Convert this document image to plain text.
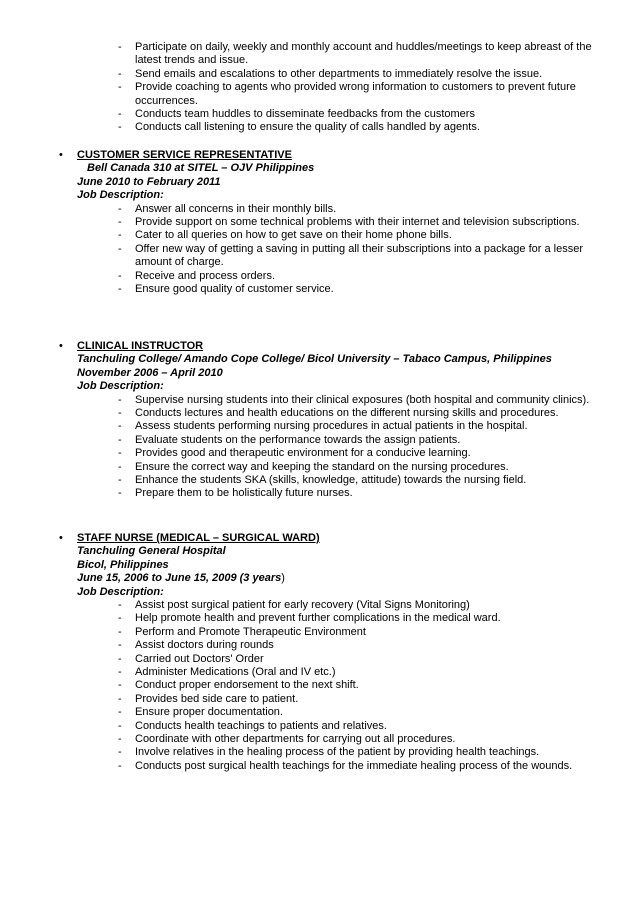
- Participate on daily, weekly and monthly account and huddles/meetings to keep abreast of the latest trends and issue.
- Send emails and escalations to other departments to immediately resolve the issue.
- Provide coaching to agents who provided wrong information to customers to prevent future occurrences.
- Conducts team huddles to disseminate feedbacks from the customers
- Conducts call listening to ensure the quality of calls handled by agents.
• CUSTOMER SERVICE REPRESENTATIVE
Bell Canada 310 at SITEL – OJV Philippines
June 2010 to February 2011
Job Description:
- Answer all concerns in their monthly bills.
- Provide support on some technical problems with their internet and television subscriptions.
- Cater to all queries on how to get save on their home phone bills.
- Offer new way of getting a saving in putting all their subscriptions into a package for a lesser amount of charge.
- Receive and process orders.
- Ensure good quality of customer service.
• CLINICAL INSTRUCTOR
Tanchuling College/ Amando Cope College/ Bicol University – Tabaco Campus, Philippines
November 2006 – April 2010
Job Description:
- Supervise nursing students into their clinical exposures (both hospital and community clinics).
- Conducts lectures and health educations on the different nursing skills and procedures.
- Assess students performing nursing procedures in actual patients in the hospital.
- Evaluate students on the performance towards the assign patients.
- Provides good and therapeutic environment for a conducive learning.
- Ensure the correct way and keeping the standard on the nursing procedures.
- Enhance the students SKA (skills, knowledge, attitude) towards the nursing field.
- Prepare them to be holistically future nurses.
• STAFF NURSE (MEDICAL – SURGICAL WARD)
Tanchuling General Hospital
Bicol, Philippines
June 15, 2006 to June 15, 2009 (3 years)
Job Description:
- Assist post surgical patient for early recovery (Vital Signs Monitoring)
- Help promote health and prevent further complications in the medical ward.
- Perform and Promote Therapeutic Environment
- Assist doctors during rounds
- Carried out Doctors' Order
- Administer Medications (Oral and IV etc.)
- Conduct proper endorsement to the next shift.
- Provides bed side care to patient.
- Ensure proper documentation.
- Conducts health teachings to patients and relatives.
- Coordinate with other departments for carrying out all procedures.
- Involve relatives in the healing process of the patient by providing health teachings.
- Conducts post surgical health teachings for the immediate healing process of the wounds.
